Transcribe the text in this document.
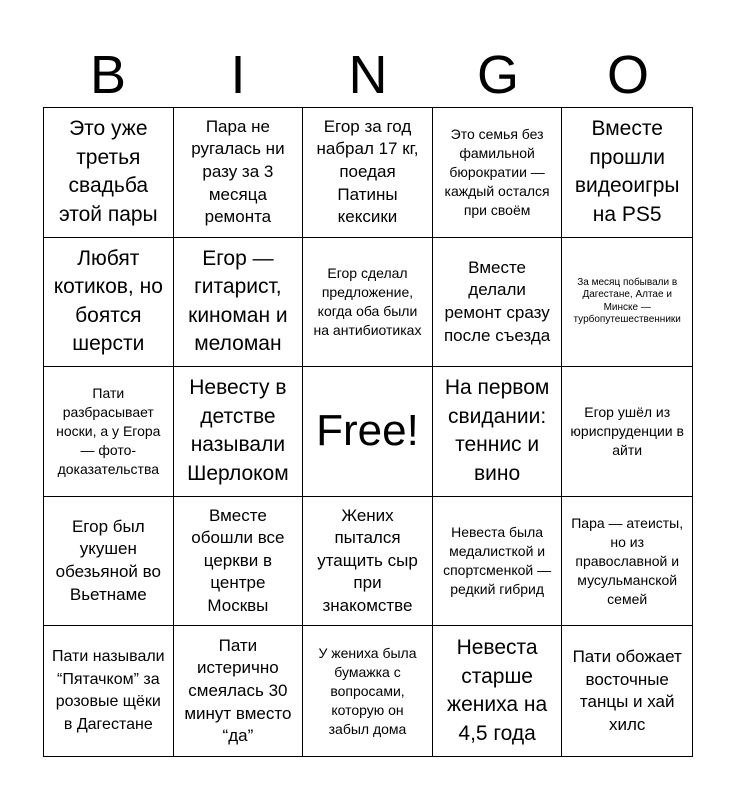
B	I	N	G	O
Это уже третья свадьба этой пары
Пара не ругалась ни разу за 3 месяца ремонта
Егор за год набрал 17 кг, поедая Патины кексики
Это семья без фамильной бюрократии — каждый остался при своём
Вместе прошли видеоигры на PS5
Любят котиков, но боятся шерсти
Егор — гитарист, киноман и меломан
Егор сделал предложение, когда оба были на антибиотиках
Вместе делали ремонт сразу после съезда
За месяц побывали в Дагестане, Алтае и Минске — турбопутешественники
Пати разбрасывает носки, а у Егора — фото-доказательства
Невесту в детстве называли Шерлоком
Free!
На первом свидании: теннис и вино
Егор ушёл из юриспруденции в айти
Егор был укушен обезьяной во Вьетнаме
Вместе обошли все церкви в центре Москвы
Жених пытался утащить сыр при знакомстве
Невеста была медалисткой и спортсменкой — редкий гибрид
Пара — атеисты, но из православной и мусульманской семей
Пати называли “Пятачком” за розовые щёки в Дагестане
Пати истерично смеялась 30 минут вместо “да”
У жениха была бумажка с вопросами, которую он забыл дома
Невеста старше жениха на 4,5 года
Пати обожает восточные танцы и хай хилс
